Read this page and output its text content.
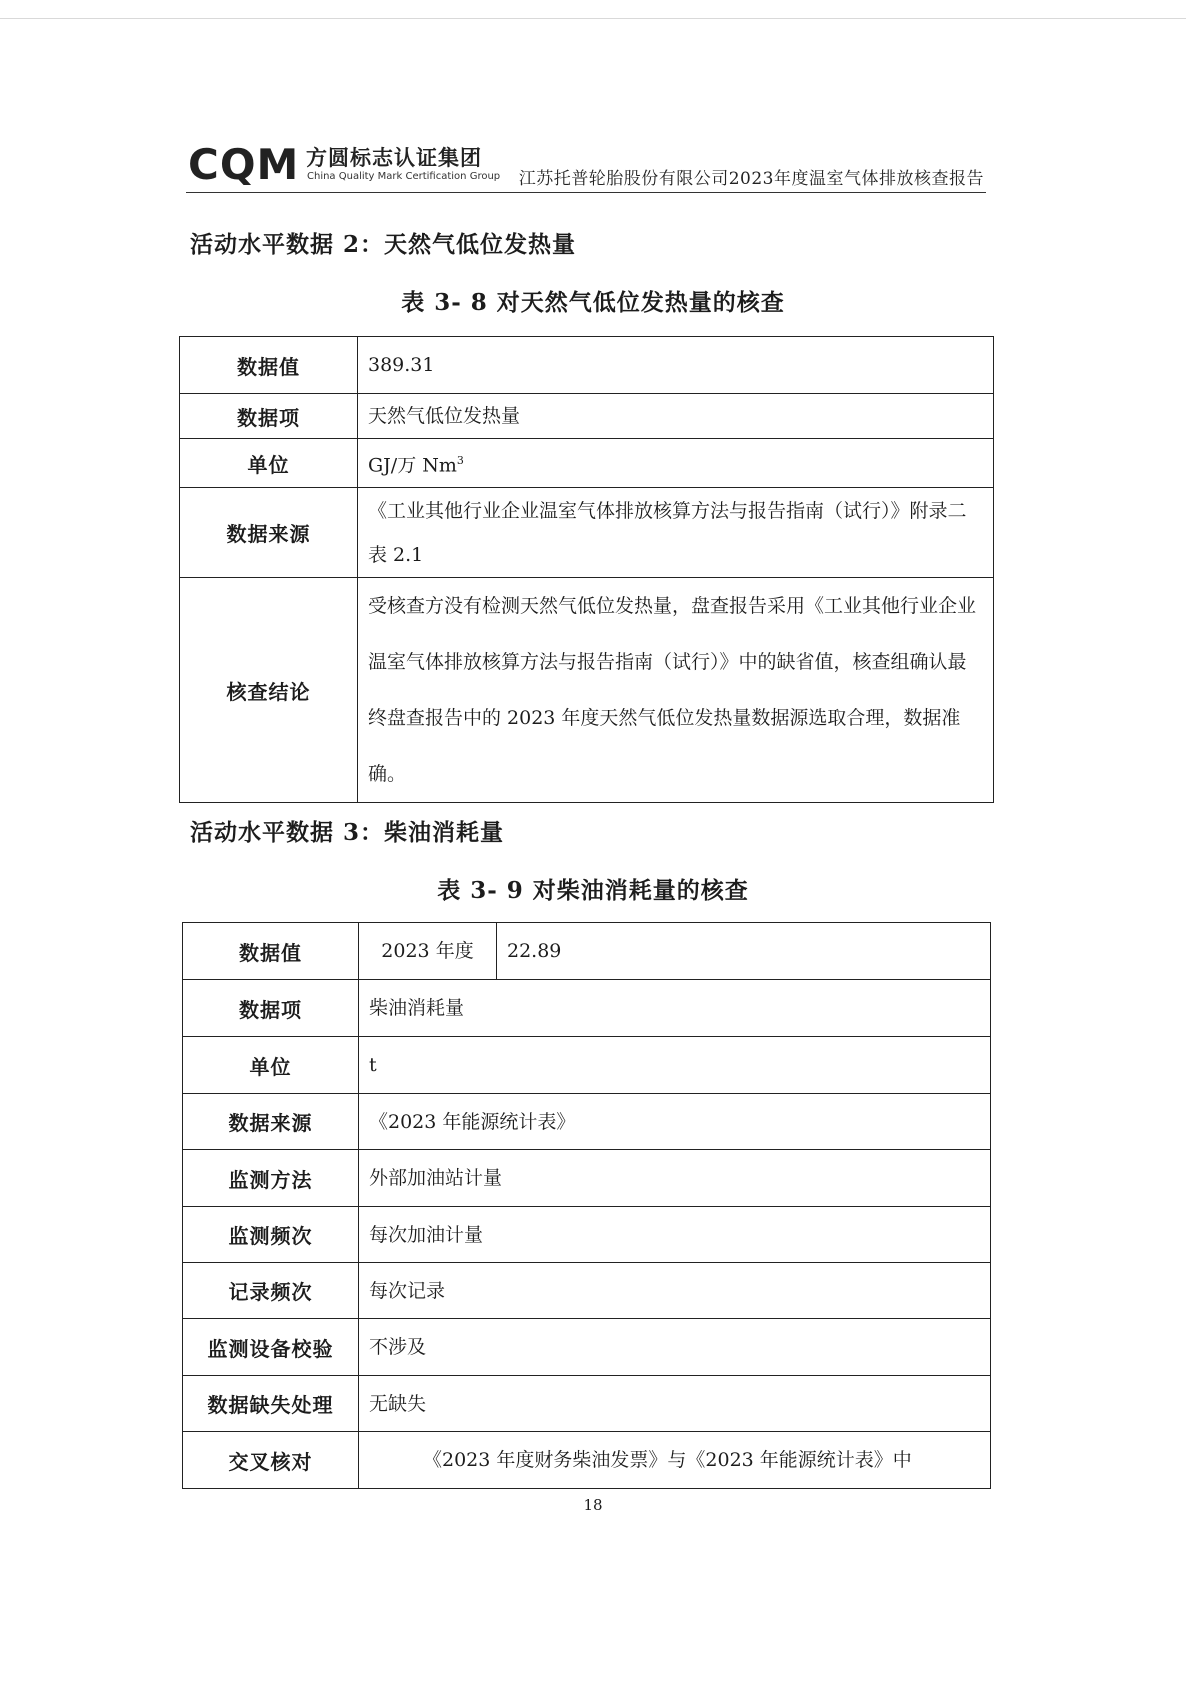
CQM 方圆标志认证集团
China Quality Mark Certification Group 江苏托普轮胎股份有限公司2023年度温室气体排放核查报告
活动水平数据 2：天然气低位发热量
表 3- 8 对天然气低位发热量的核查
数据值	389.31
数据项	天然气低位发热量
单位	GJ/万 Nm$^3$
数据来源	《工业其他行业企业温室气体排放核算方法与报告指南（试行）》附录二表 2.1
核查结论	受核查方没有检测天然气低位发热量，盘查报告采用《工业其他行业企业温室气体排放核算方法与报告指南（试行）》中的缺省值，核查组确认最终盘查报告中的 2023 年度天然气低位发热量数据源选取合理，数据准确。
活动水平数据 3：柴油消耗量
表 3- 9 对柴油消耗量的核查
数据值	2023 年度	22.89
数据项	柴油消耗量	
单位	t	
数据来源	《2023 年能源统计表》	
监测方法	外部加油站计量	
监测频次	每次加油计量	
记录频次	每次记录	
监测设备校验	不涉及	
数据缺失处理	无缺失	
交叉核对	《2023 年度财务柴油发票》与《2023 年能源统计表》中	
18
